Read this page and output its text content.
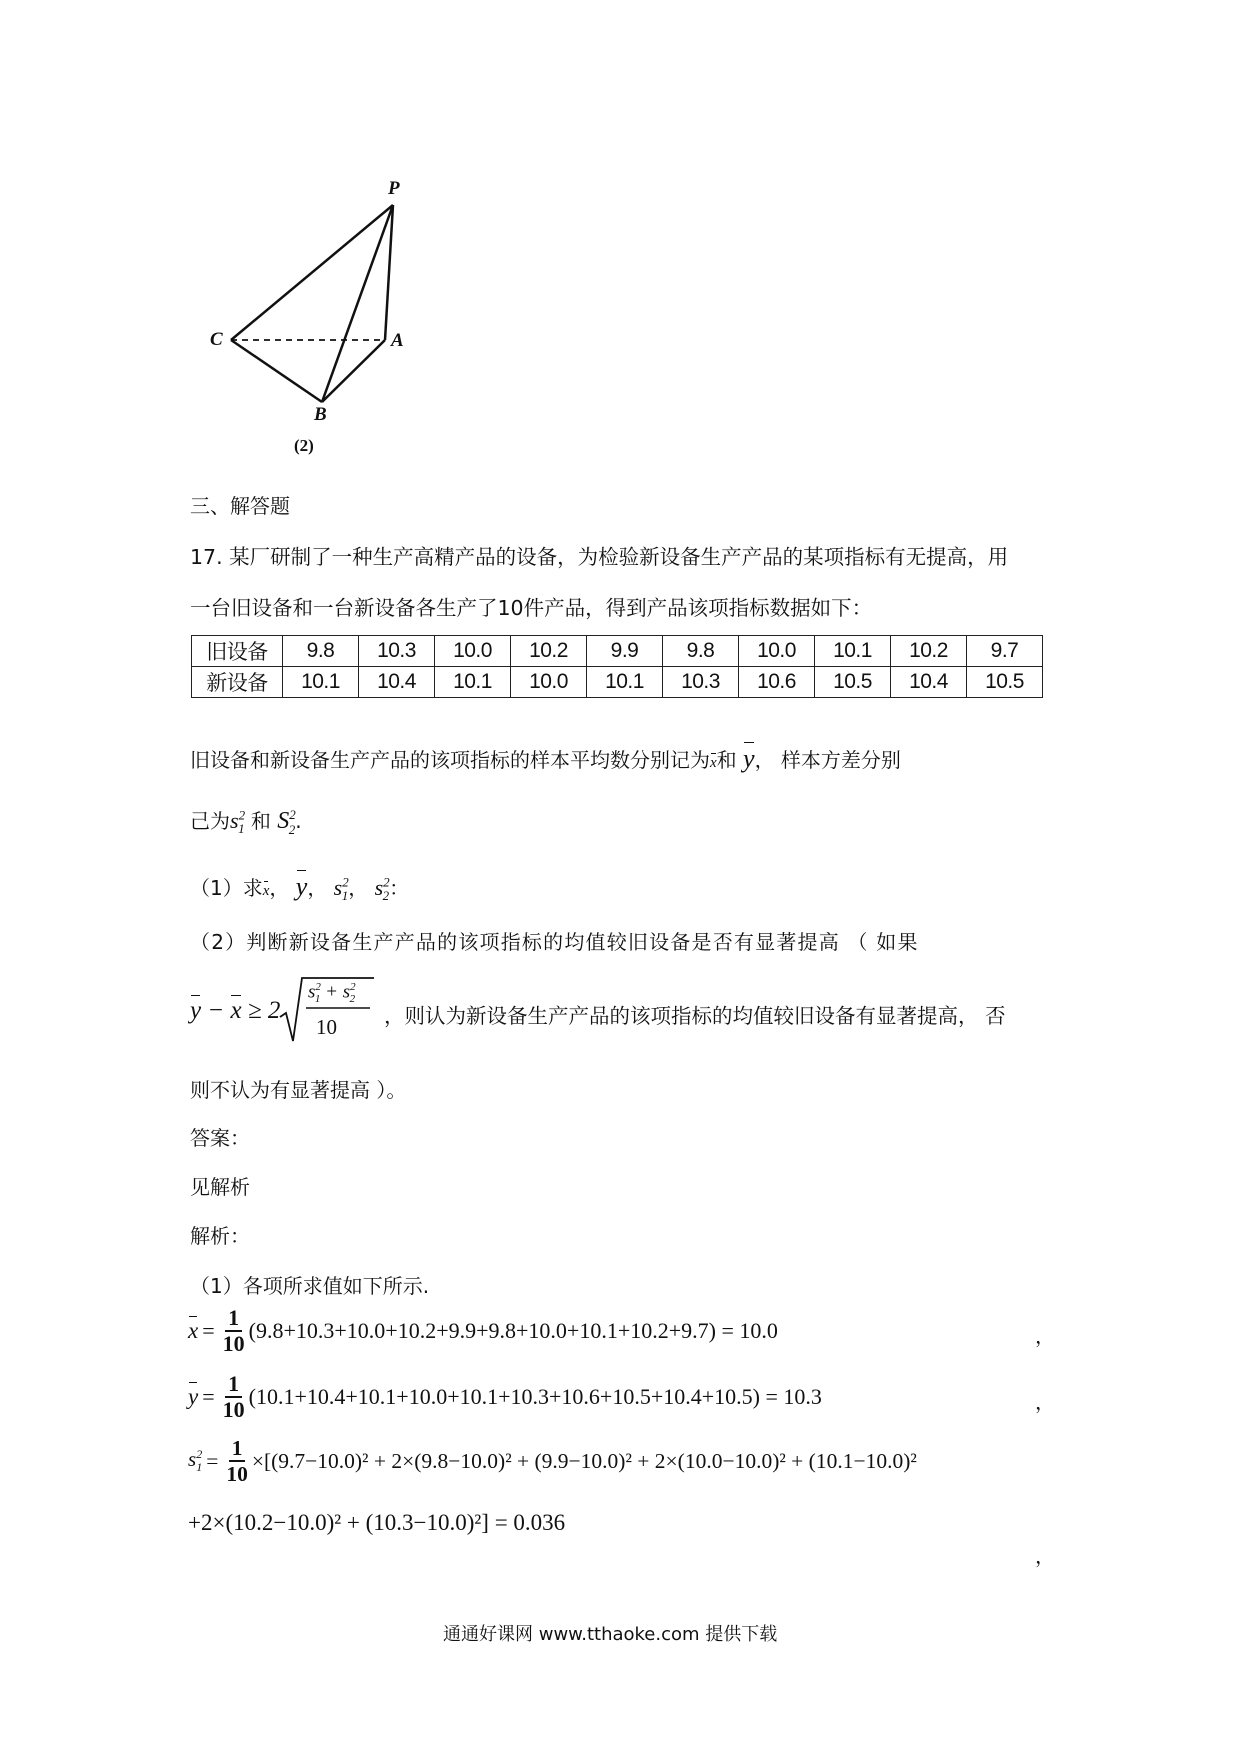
P
C	A
B
(2)
三、解答题
17. 某厂研制了一种生产高精产品的设备，为检验新设备生产产品的某项指标有无提高，用
一台旧设备和一台新设备各生产了10件产品，得到产品该项指标数据如下：
旧设备	9.8	10.3	10.0	10.2	9.9	9.8	10.0	10.1	10.2	9.7
新设备	10.1	10.4	10.1	10.0	10.1	10.3	10.6	10.5	10.4	10.5
旧设备和新设备生产产品的该项指标的样本平均数分别记为x和 y， 样本方差分别
己为$s^2_1$ 和 $S^2_2$.
（1）求x， y， $s^2_1$， $s^2_2$：
（2）判断新设备生产产品的该项指标的均值较旧设备是否有显著提高 （ 如果
y − x ≥ 2
$s^2_1 + s^2_2$
10 ，则认为新设备生产产品的该项指标的均值较旧设备有显著提高， 否
则不认为有显著提高 ）。
答案：
见解析
解析：
（1）各项所求值如下所示.
$x = \frac{1}{10} (9.8+10.3+10.0+10.2+9.9+9.8+10.0+10.1+10.2+9.7) = 10.0$	，
$y = \frac{1}{10} (10.1+10.4+10.1+10.0+10.1+10.3+10.6+10.5+10.4+10.5) = 10.3$	，
$s^2_1 = \frac{1}{10} \times[(9.7-10.0)^2 + 2\times(9.8-10.0)^2 + (9.9-10.0)^2 + 2\times(10.0-10.0)^2 + (10.1-10.0)^2$
+2×(10.2−10.0)² + (10.3−10.0)²] = 0.036
，
通通好课网 www.tthaoke.com 提供下载
